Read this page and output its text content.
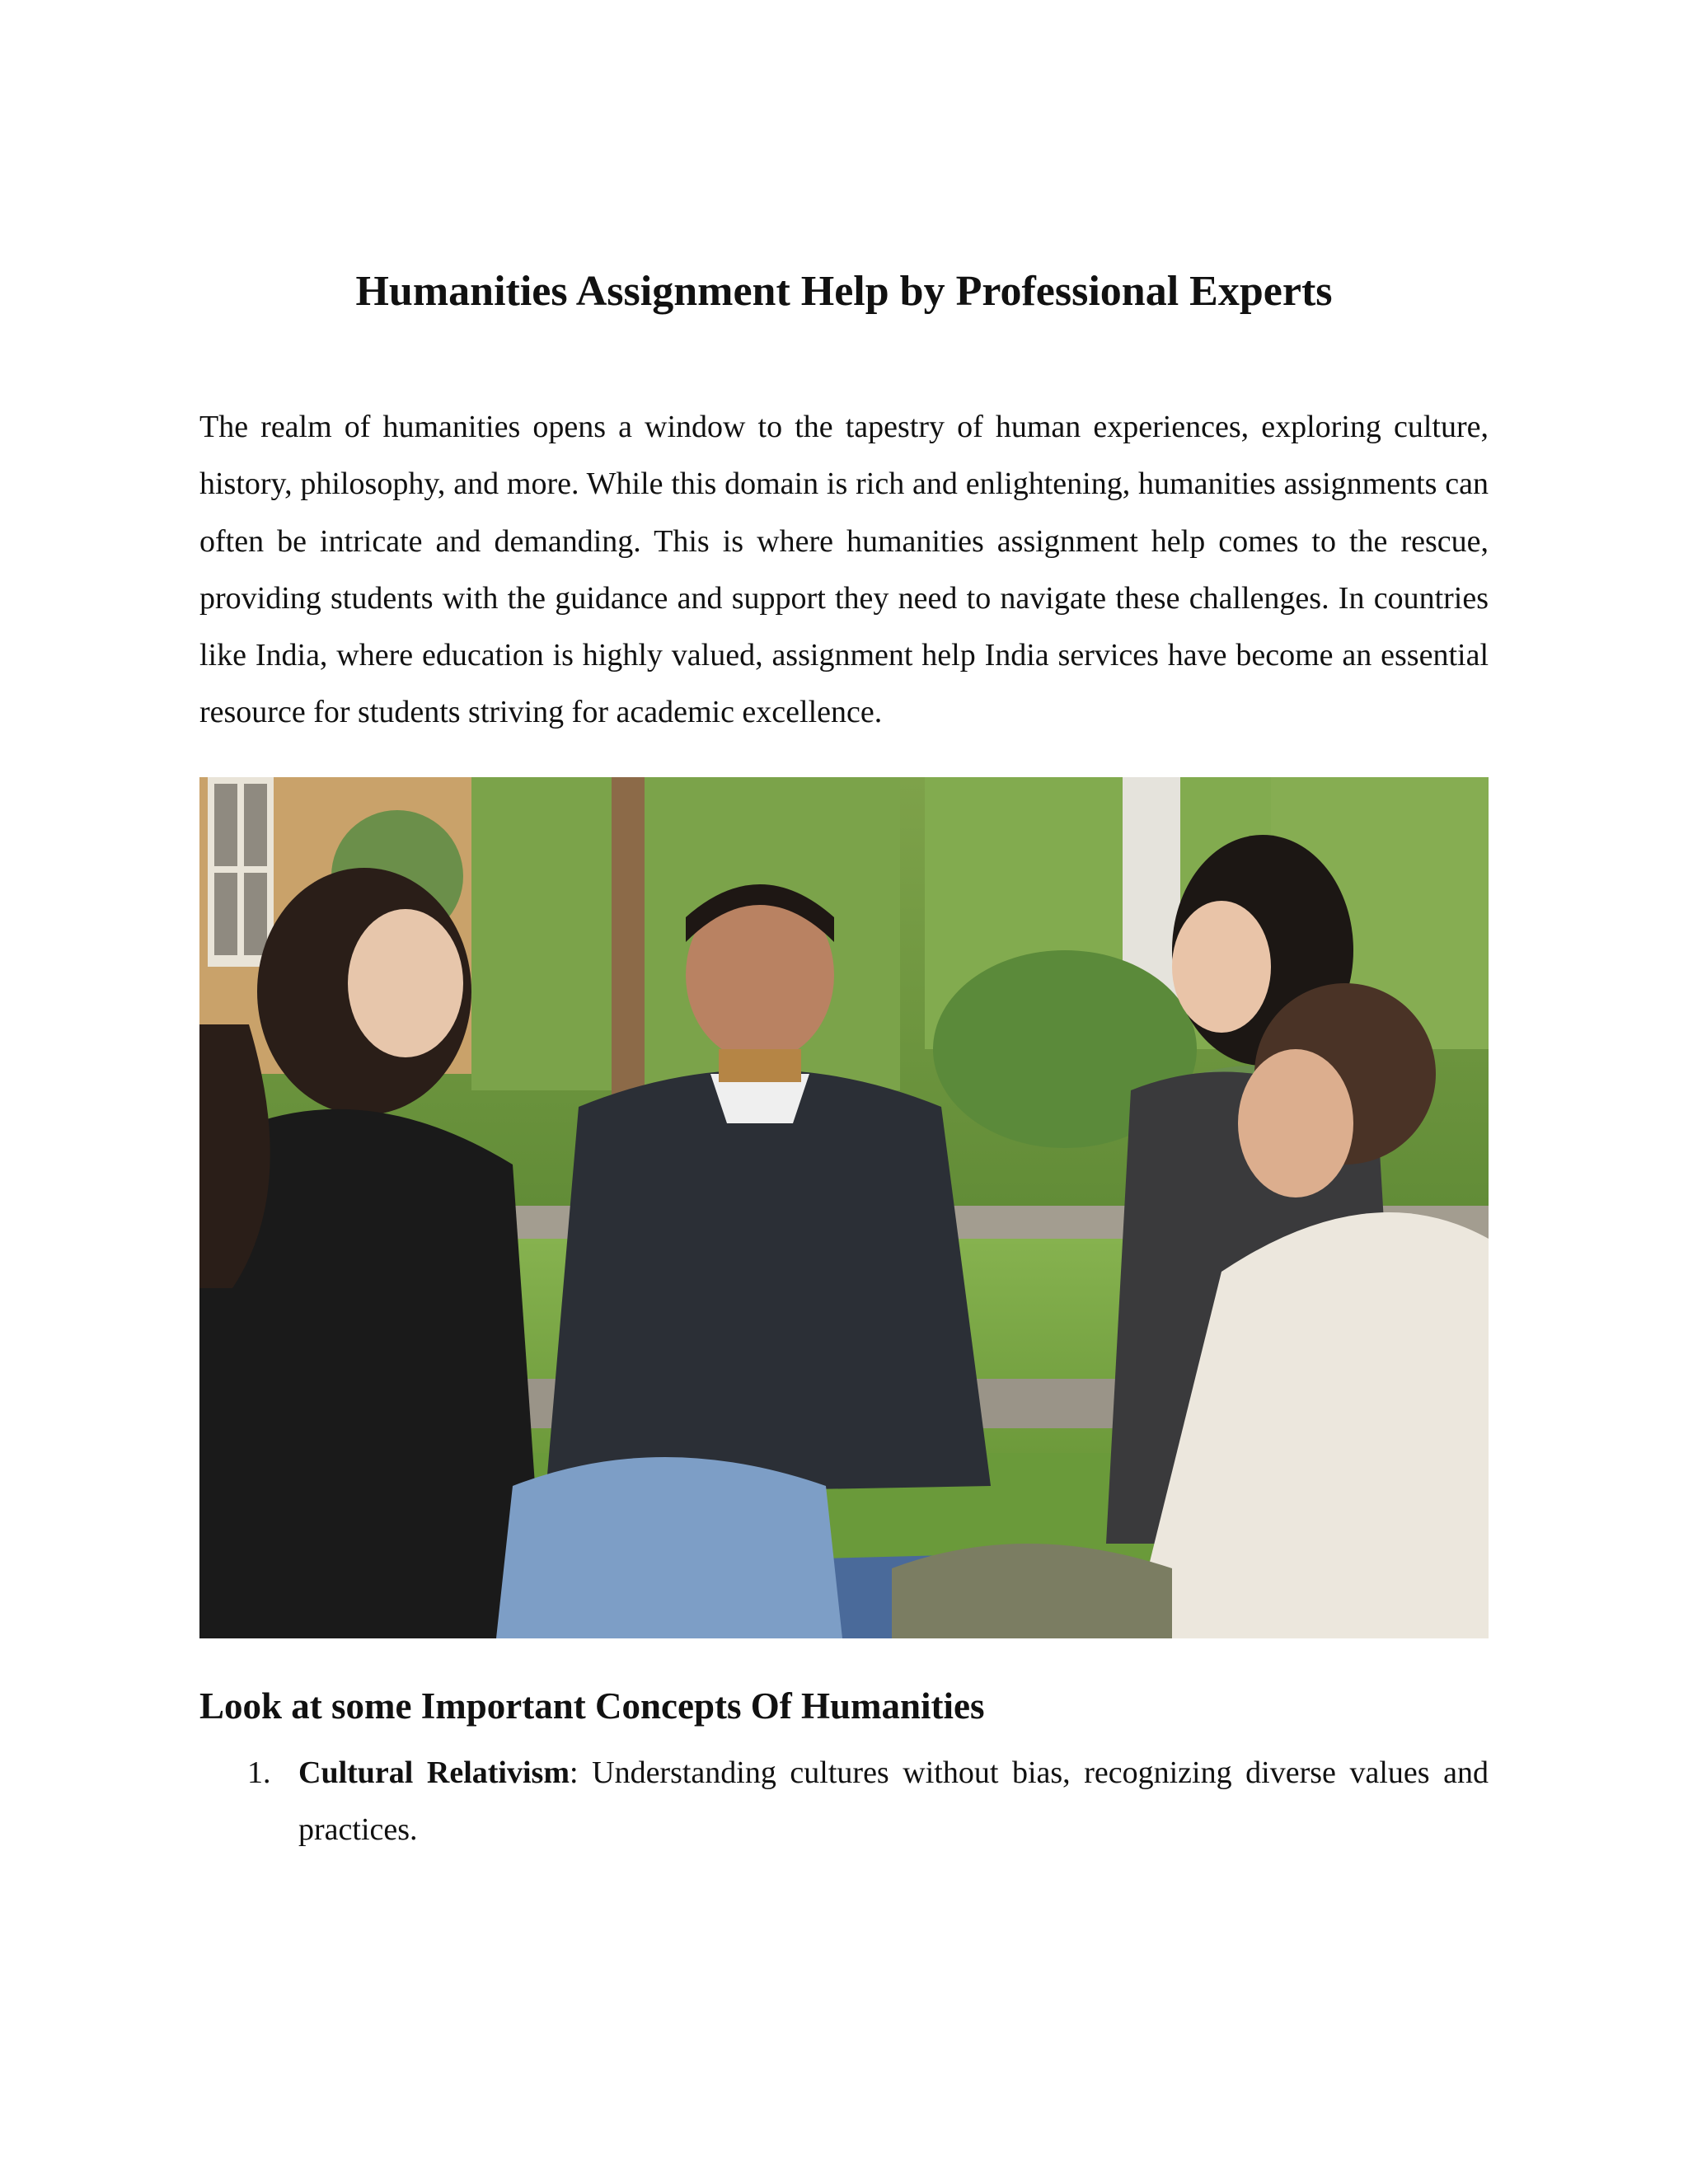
Humanities Assignment Help by Professional Experts

The realm of humanities opens a window to the tapestry of human experiences, exploring culture, history, philosophy, and more. While this domain is rich and enlightening, humanities assignments can often be intricate and demanding. This is where humanities assignment help comes to the rescue, providing students with the guidance and support they need to navigate these challenges. In countries like India, where education is highly valued, assignment help India services have become an essential resource for students striving for academic excellence.

Look at some Important Concepts Of Humanities
1. Cultural Relativism: Understanding cultures without bias, recognizing diverse values and practices.
